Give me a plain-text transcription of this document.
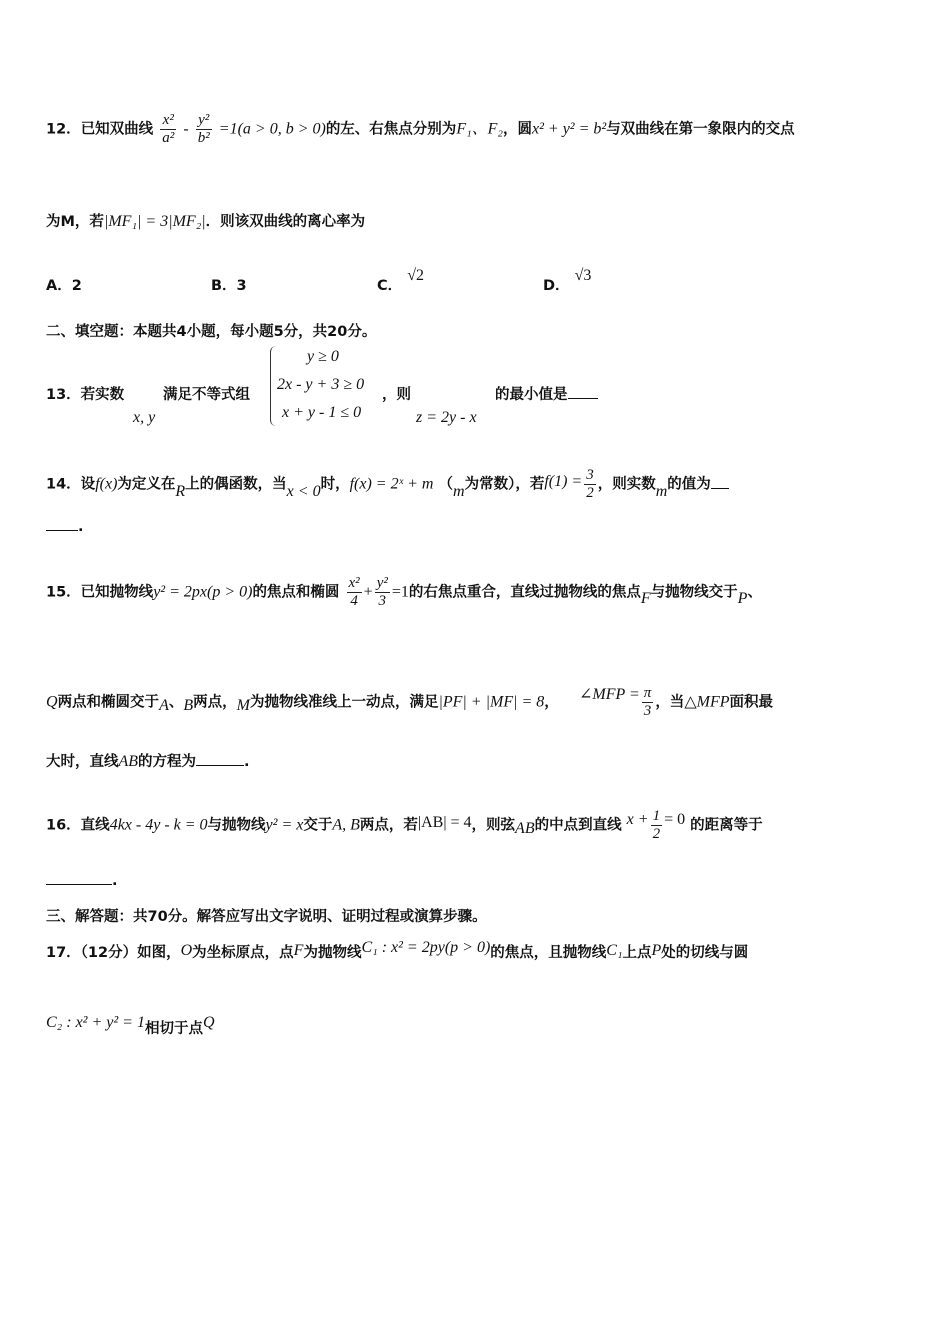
12．已知双曲线 $\frac{\text{x²}}{\text{a²}} - \frac{\text{y²}}{\text{b²}} =1(a > 0$, b > 0)的左、右焦点分别为F₁、F₂，圆x² + y² = b²与双曲线在第一象限内的交点
为M，若|MF₁| = 3|MF₂|．则该双曲线的离心率为
A．2	B．3	C． √2
D． √3
二、填空题：本题共4小题，每小题5分，共20分。
13．若实数
x, y
满足不等式组
y ≥ 0
2x - y + 3 ≥ 0
x + y - 1 ≤ 0
，则
z = 2y - x
的最小值是
14．设f(x)为定义在R上的偶函数，当x < 0时，f(x) = 2ˣ + m （m为常数），若$f(1) = \frac{3}{2}$ ，则实数m的值为
.
15．已知抛物线y² = 2px(p > 0)的焦点和椭圆 $\frac{\text{x²}}{4} + \frac{\text{y²}}{3} =1$的右焦点重合，直线过抛物线的焦点F与抛物线交于P、
Q两点和椭圆交于A、B两点，M为抛物线准线上一动点，满足|PF| + |MF| = 8， ∠MFP = $\frac{\pi}{3}$ ，当△MFP面积最
大时，直线AB的方程为	.
16．直线4kx - 4y - k = 0与抛物线y² = x交于A, B两点，若|AB| = 4，则弦AB的中点到直线 $x + \frac{1}{2} = 0$ 的距离等于
.
三、解答题：共70分。解答应写出文字说明、证明过程或演算步骤。
17．（12分）如图，O为坐标原点，点F为抛物线C₁ : x² = 2py(p > 0)的焦点，且抛物线C₁上点P处的切线与圆
C₂ : x² + y² = 1相切于点Q
